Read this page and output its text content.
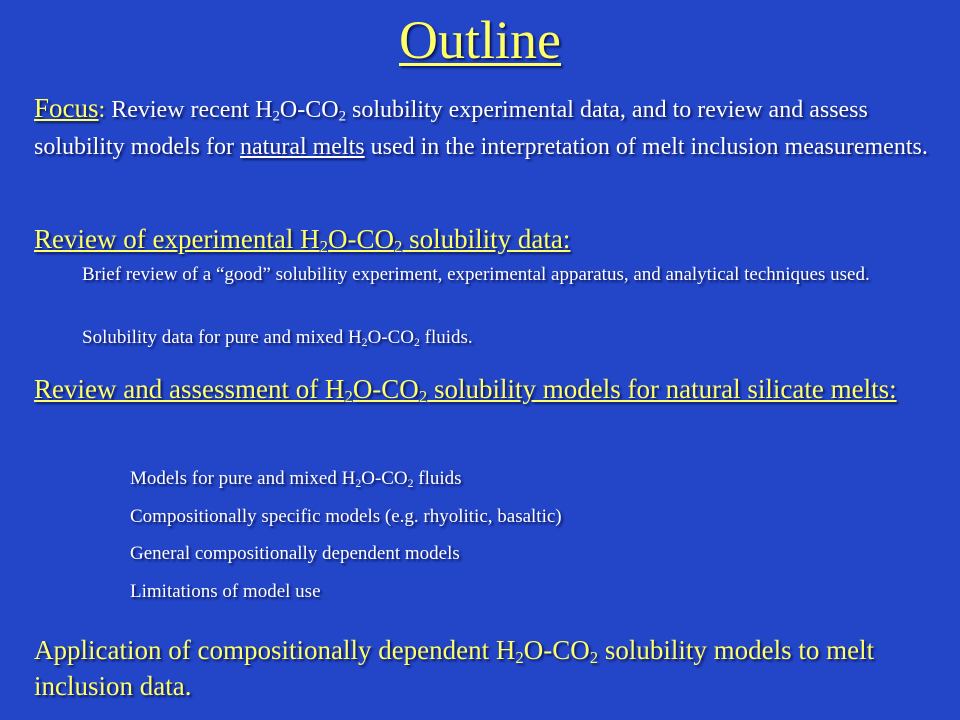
Outline
Focus: Review recent $H_2O-CO_2$ solubility experimental data, and to review and assess solubility models for natural melts used in the interpretation of melt inclusion measurements.
Review of experimental $H_2O-CO_2$ solubility data:
Brief review of a “good” solubility experiment, experimental apparatus, and analytical techniques used.
Solubility data for pure and mixed $H_2O-CO_2$ fluids.
Review and assessment of $H_2O-CO_2$ solubility models for natural silicate melts:
Models for pure and mixed $H_2O-CO_2$ fluids
Compositionally specific models (e.g. rhyolitic, basaltic)
General compositionally dependent models
Limitations of model use
Application of compositionally dependent $H_2O-CO_2$ solubility models to melt inclusion data.
